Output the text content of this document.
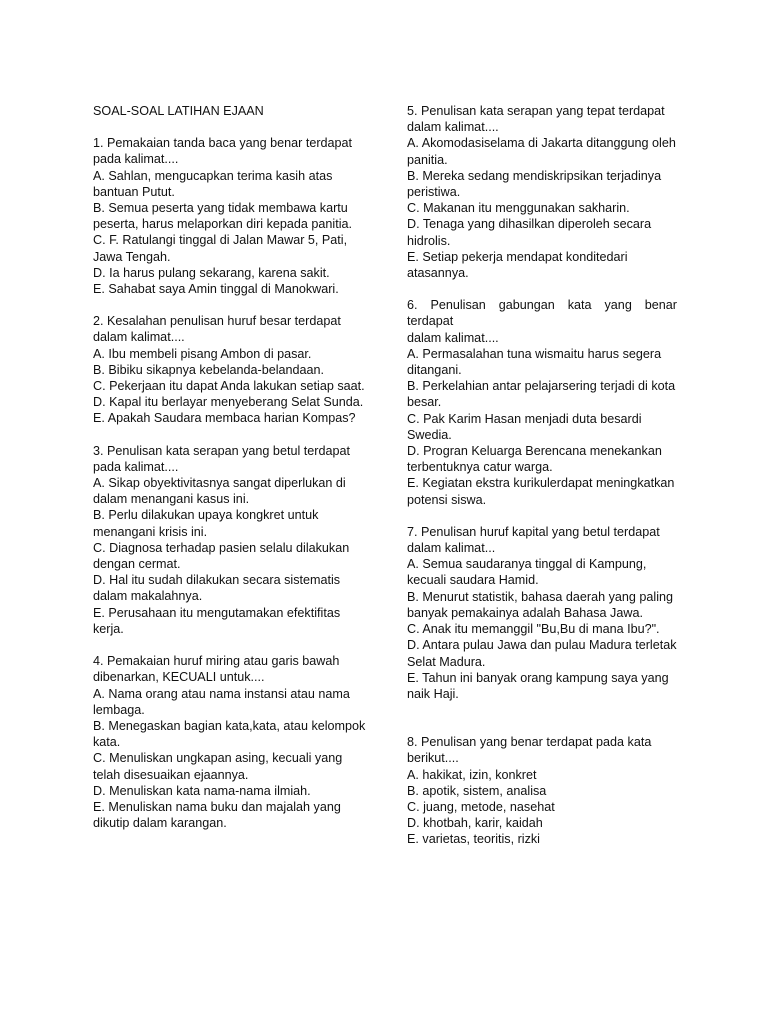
SOAL-SOAL LATIHAN EJAAN

1. Pemakaian tanda baca yang benar terdapat pada kalimat....

A. Sahlan, mengucapkan terima kasih atas bantuan Putut.

B. Semua peserta yang tidak membawa kartu peserta, harus melaporkan diri kepada panitia.

C. F. Ratulangi tinggal di Jalan Mawar 5, Pati, Jawa Tengah.

D. Ia harus pulang sekarang, karena sakit.

E. Sahabat saya Amin tinggal di Manokwari.

2. Kesalahan penulisan huruf besar terdapat dalam kalimat....

A. Ibu membeli pisang Ambon di pasar.

B. Bibiku sikapnya kebelanda-belandaan.

C. Pekerjaan itu dapat Anda lakukan setiap saat.

D. Kapal itu berlayar menyeberang Selat Sunda.

E. Apakah Saudara membaca harian Kompas?

3. Penulisan kata serapan yang betul terdapat pada kalimat....

A. Sikap obyektivitasnya sangat diperlukan di dalam menangani kasus ini.

B. Perlu dilakukan upaya kongkret untuk menangani krisis ini.

C. Diagnosa terhadap pasien selalu dilakukan dengan cermat.

D. Hal itu sudah dilakukan secara sistematis dalam makalahnya.

E. Perusahaan itu mengutamakan efektifitas kerja.

4. Pemakaian huruf miring atau garis bawah dibenarkan, KECUALI untuk....

A. Nama orang atau nama instansi atau nama lembaga.

B. Menegaskan bagian kata,kata, atau kelompok kata.

C. Menuliskan ungkapan asing, kecuali yang telah disesuaikan ejaannya.

D. Menuliskan kata nama-nama ilmiah.

E. Menuliskan nama buku dan majalah yang dikutip dalam karangan.

5. Penulisan kata serapan yang tepat terdapat dalam kalimat....

A. Akomodasiselama di Jakarta ditanggung oleh panitia.

B. Mereka sedang mendiskripsikan terjadinya peristiwa.

C. Makanan itu menggunakan sakharin.

D. Tenaga yang dihasilkan diperoleh secara hidrolis.

E. Setiap pekerja mendapat konditedari atasannya.

6. Penulisan gabungan kata yang benar terdapat

dalam kalimat....

A. Permasalahan tuna wismaitu harus segera ditangani.

B. Perkelahian antar pelajarsering terjadi di kota besar.

C. Pak Karim Hasan menjadi duta besardi Swedia.

D. Progran Keluarga Berencana menekankan terbentuknya catur warga.

E. Kegiatan ekstra kurikulerdapat meningkatkan potensi siswa.

7. Penulisan huruf kapital yang betul terdapat dalam kalimat...

A. Semua saudaranya tinggal di Kampung, kecuali saudara Hamid.

B. Menurut statistik, bahasa daerah yang paling banyak pemakainya adalah Bahasa Jawa.

C. Anak itu memanggil "Bu,Bu di mana Ibu?".

D. Antara pulau Jawa dan pulau Madura terletak Selat Madura.

E. Tahun ini banyak orang kampung saya yang naik Haji.

8. Penulisan yang benar terdapat pada kata berikut....

A. hakikat, izin, konkret

B. apotik, sistem, analisa

C. juang, metode, nasehat

D. khotbah, karir, kaidah

E. varietas, teoritis, rizki
